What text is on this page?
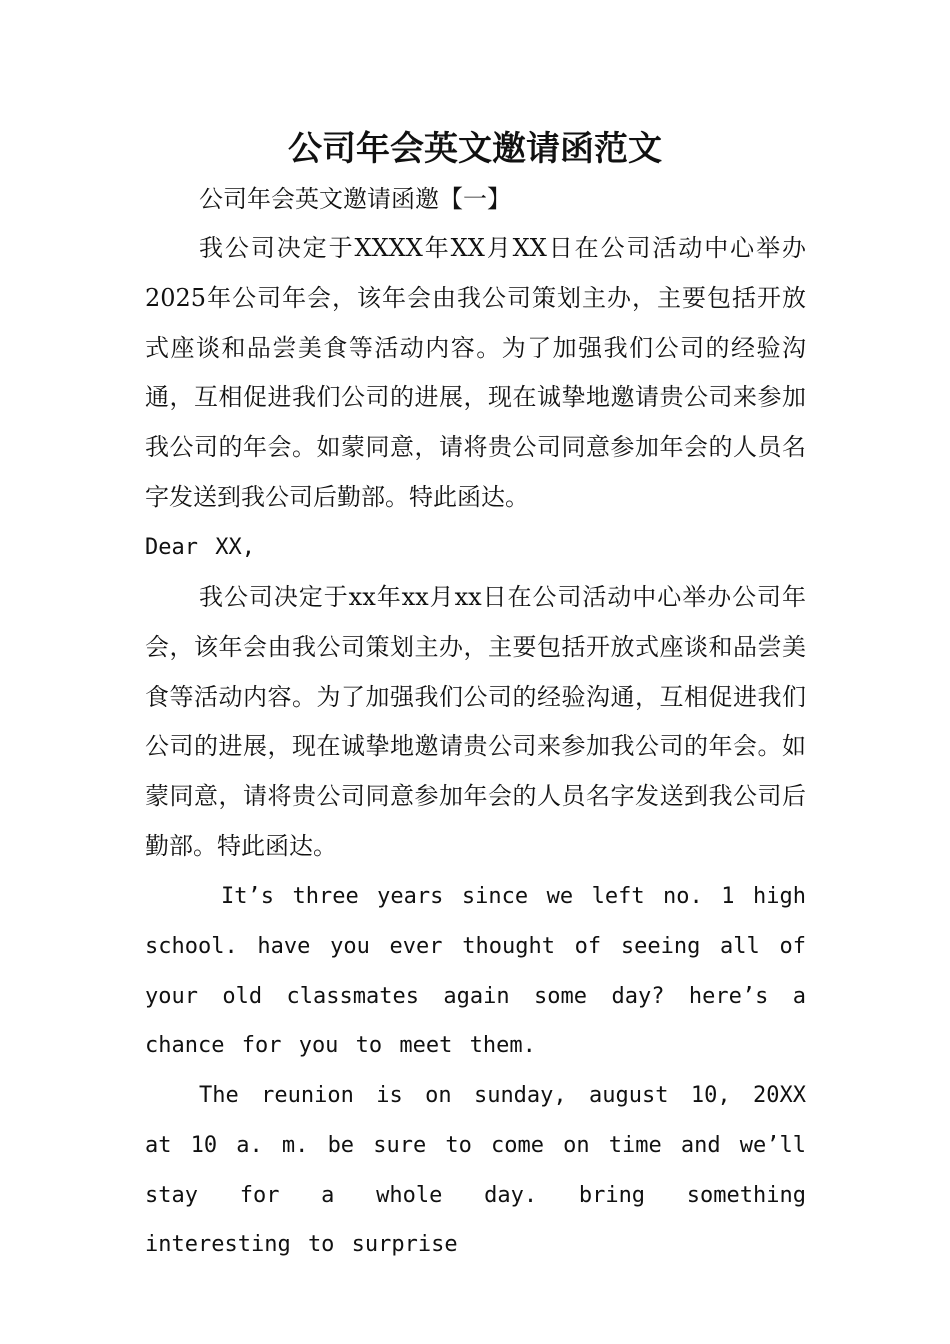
公司年会英文邀请函范文

公司年会英文邀请函邀【一】

我公司决定于XXXX年XX月XX日在公司活动中心举办2025年公司年会，该年会由我公司策划主办，主要包括开放式座谈和品尝美食等活动内容。为了加强我们公司的经验沟通，互相促进我们公司的进展，现在诚挚地邀请贵公司来参加我公司的年会。如蒙同意，请将贵公司同意参加年会的人员名字发送到我公司后勤部。特此函达。

Dear XX,

我公司决定于xx年xx月xx日在公司活动中心举办公司年会，该年会由我公司策划主办，主要包括开放式座谈和品尝美食等活动内容。为了加强我们公司的经验沟通，互相促进我们公司的进展，现在诚挚地邀请贵公司来参加我公司的年会。如蒙同意，请将贵公司同意参加年会的人员名字发送到我公司后勤部。特此函达。

It’s three years since we left no. 1 high school. have you ever thought of seeing all of your old classmates again some day? here’s a chance for you to meet them.

The reunion is on sunday, august 10, 20XX at 10 a. m. be sure to come on time and we’ll stay for a whole day. bring something interesting to surprise
